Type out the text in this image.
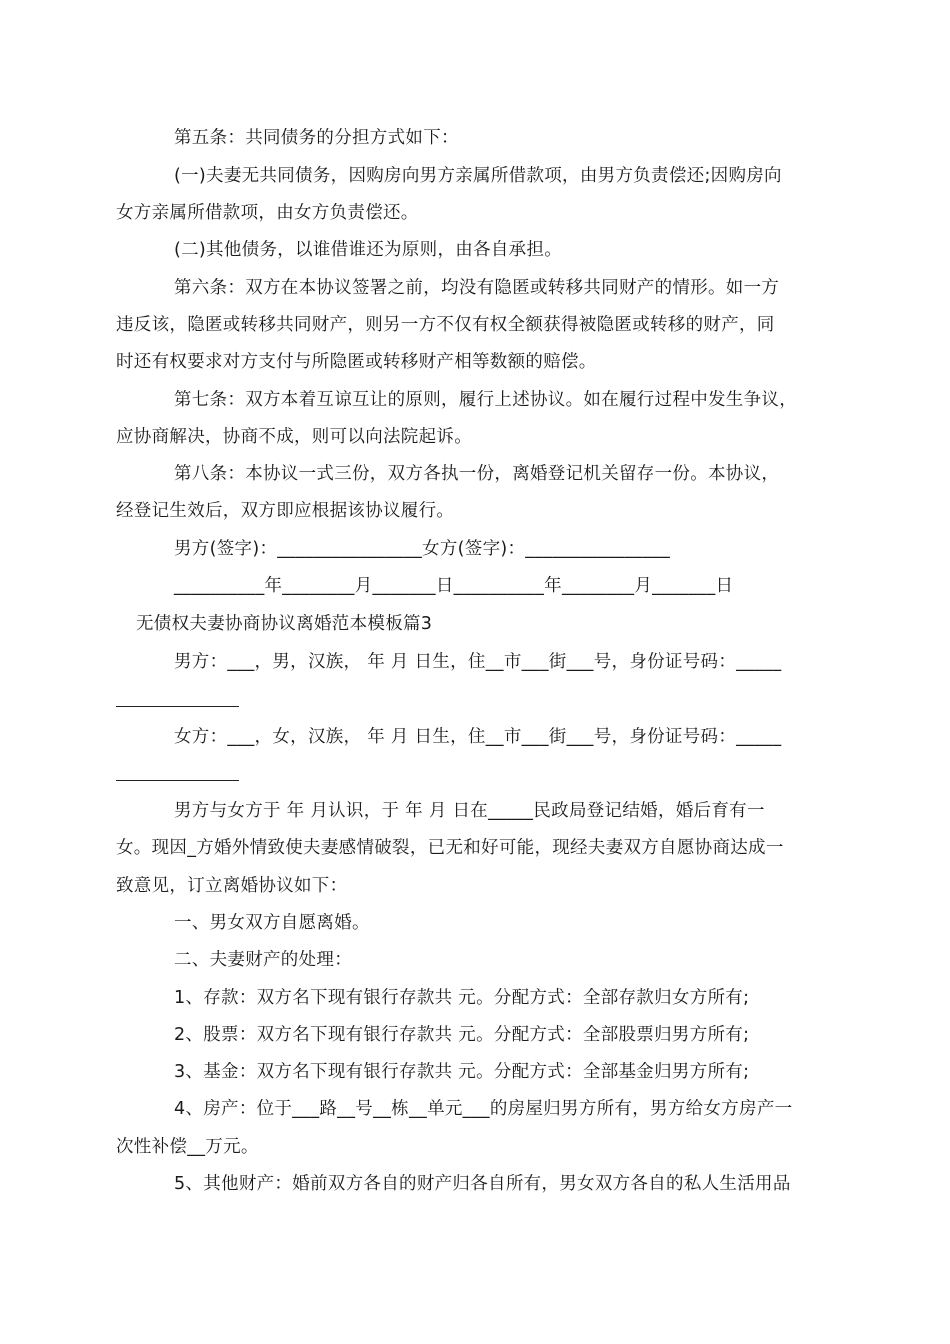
第五条：共同债务的分担方式如下：
(一)夫妻无共同债务，因购房向男方亲属所借款项，由男方负责偿还;因购房向
女方亲属所借款项，由女方负责偿还。
(二)其他债务，以谁借谁还为原则，由各自承担。
第六条：双方在本协议签署之前，均没有隐匿或转移共同财产的情形。如一方
违反该，隐匿或转移共同财产，则另一方不仅有权全额获得被隐匿或转移的财产，同
时还有权要求对方支付与所隐匿或转移财产相等数额的赔偿。
第七条：双方本着互谅互让的原则，履行上述协议。如在履行过程中发生争议，
应协商解决，协商不成，则可以向法院起诉。
第八条：本协议一式三份，双方各执一份，离婚登记机关留存一份。本协议，
经登记生效后，双方即应根据该协议履行。
男方(签字)：________________女方(签字)：________________
__________年________月_______日__________年________月_______日
无债权夫妻协商协议离婚范本模板篇3
男方：___，男，汉族， 年 月 日生，住__市___街___号，身份证号码：_____
女方：___，女，汉族， 年 月 日生，住__市___街___号，身份证号码：_____
男方与女方于 年 月认识，于 年 月 日在_____民政局登记结婚，婚后育有一
女。现因_方婚外情致使夫妻感情破裂，已无和好可能，现经夫妻双方自愿协商达成一
致意见，订立离婚协议如下：
一、男女双方自愿离婚。
二、夫妻财产的处理：
1、存款：双方名下现有银行存款共 元。分配方式：全部存款归女方所有;
2、股票：双方名下现有银行存款共 元。分配方式：全部股票归男方所有;
3、基金：双方名下现有银行存款共 元。分配方式：全部基金归男方所有;
4、房产：位于___路__号__栋__单元___的房屋归男方所有，男方给女方房产一
次性补偿__万元。
5、其他财产：婚前双方各自的财产归各自所有，男女双方各自的私人生活用品
